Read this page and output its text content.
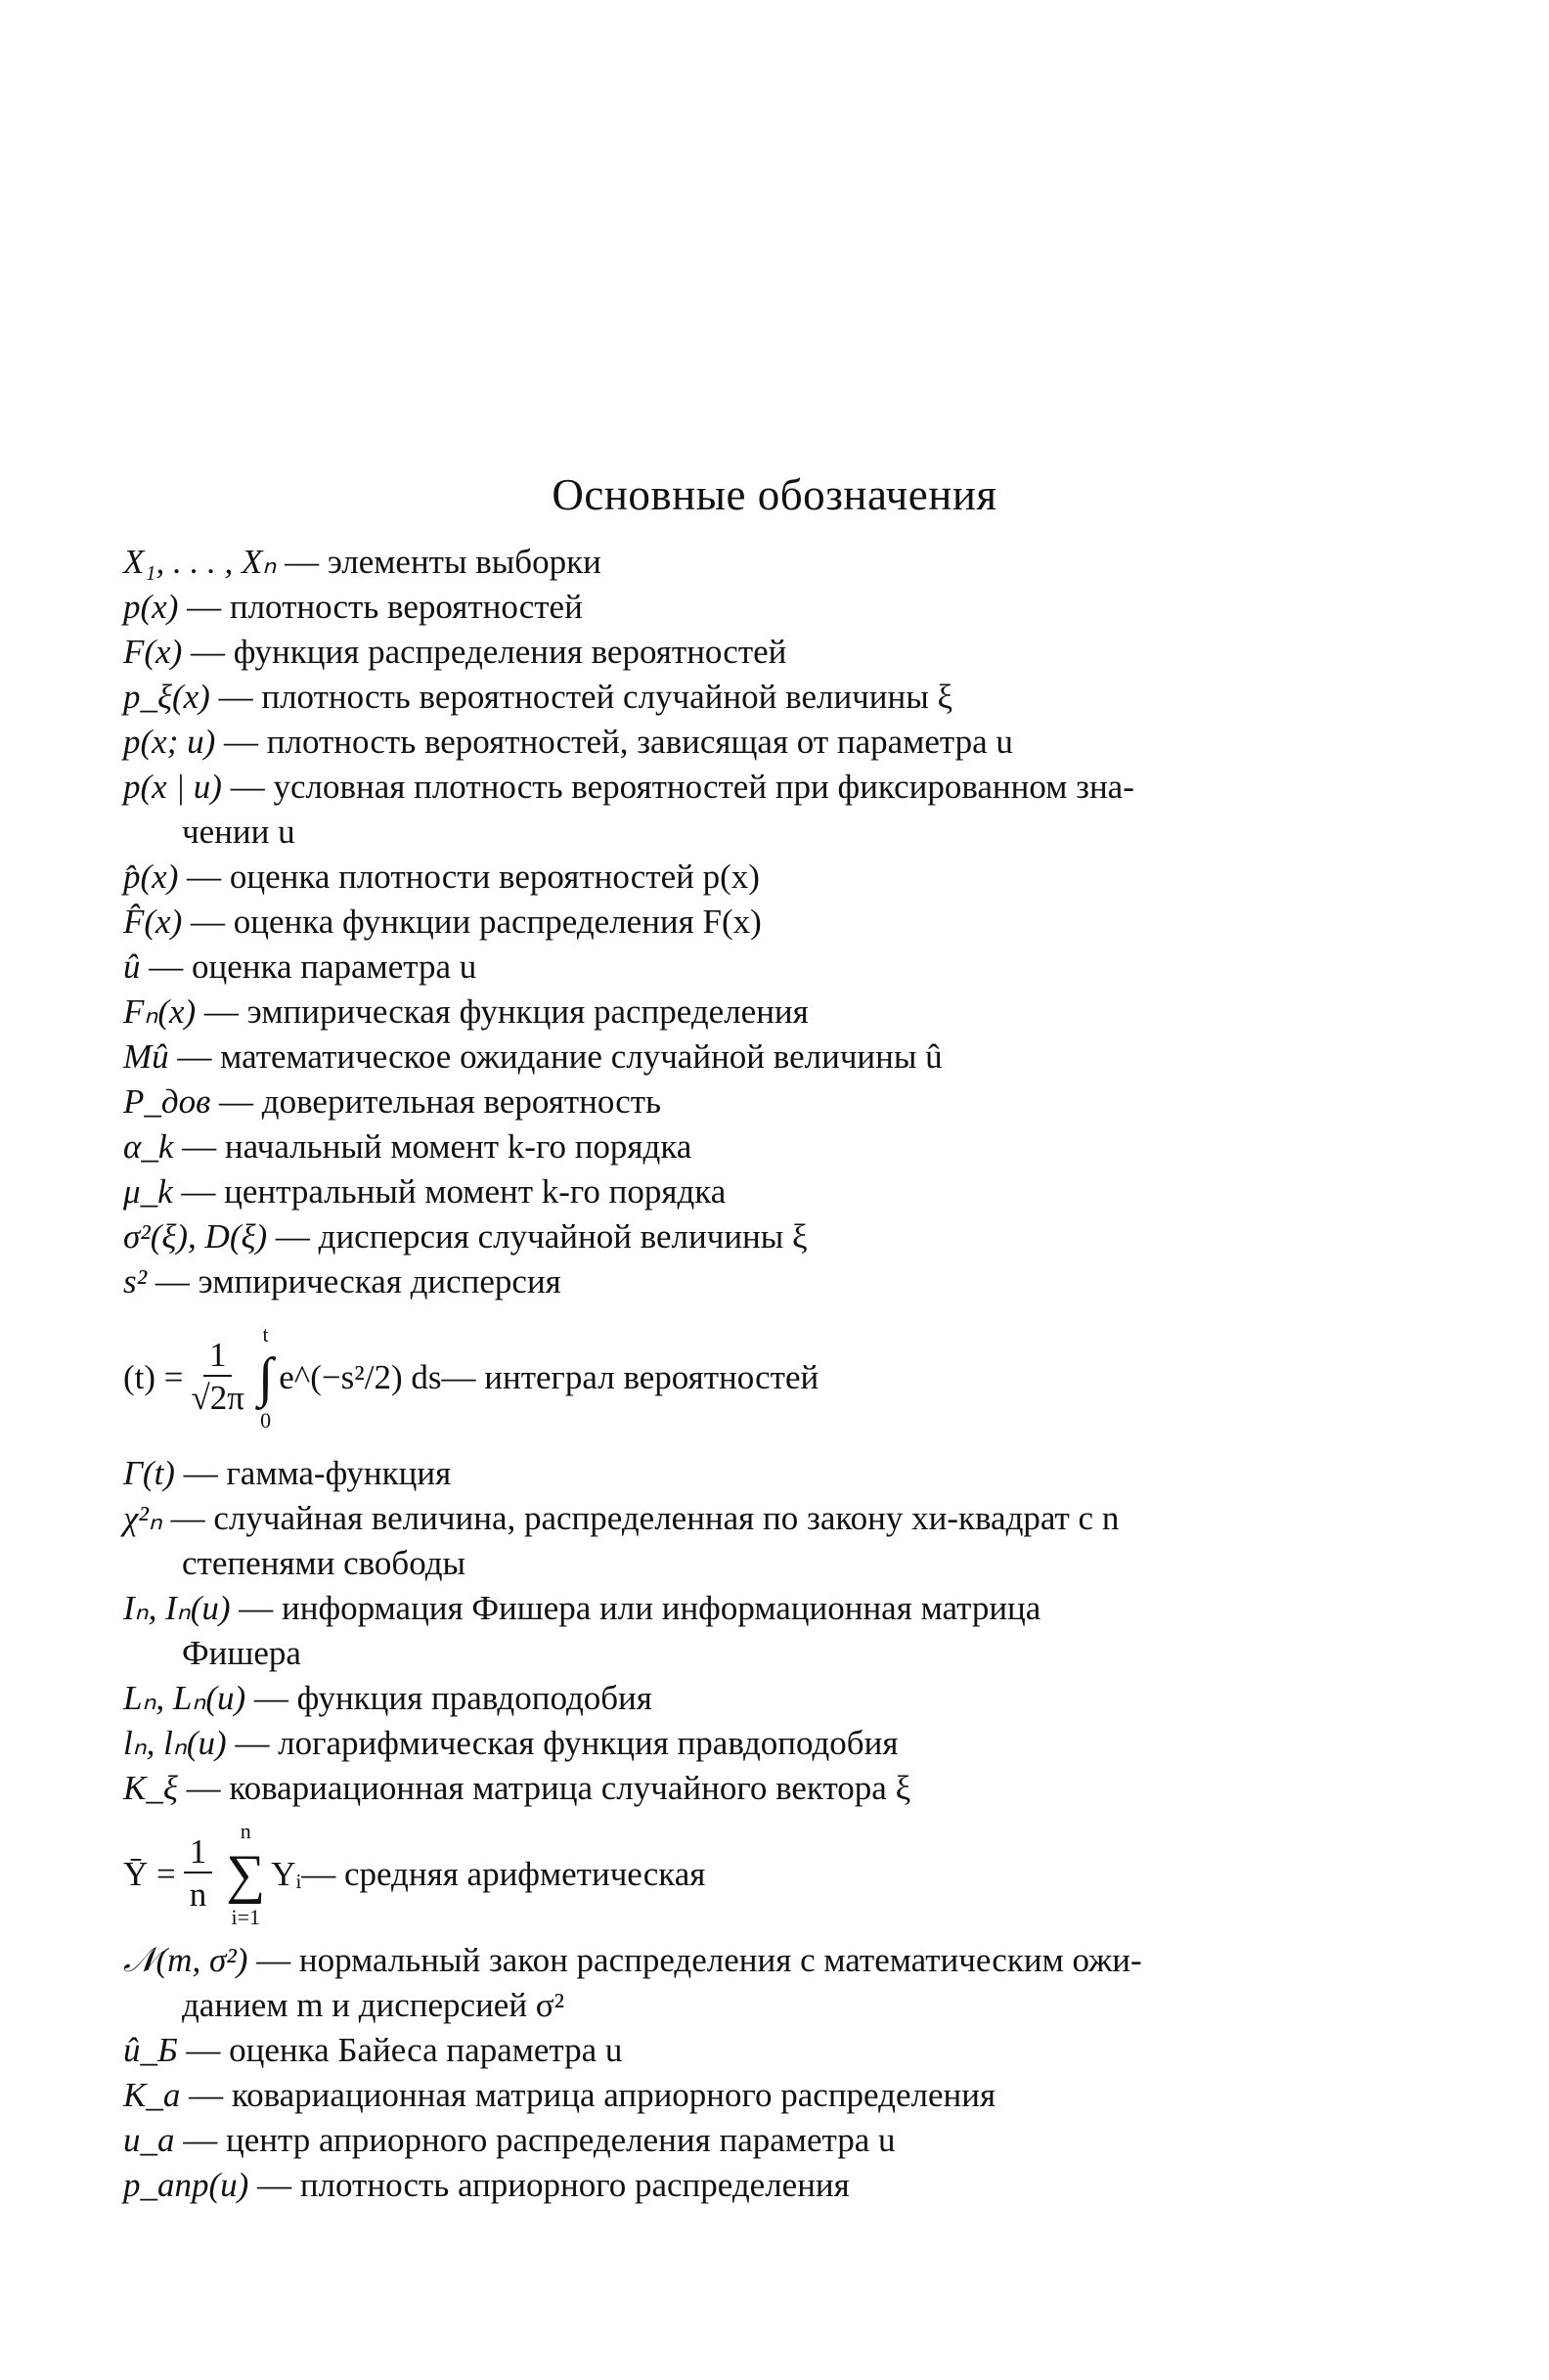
Основные обозначения

X₁, . . . , Xₙ — элементы выборки

p(x) — плотность вероятностей

F(x) — функция распределения вероятностей

p_ξ(x) — плотность вероятностей случайной величины ξ

p(x; u) — плотность вероятностей, зависящая от параметра u

p(x | u) — условная плотность вероятностей при фиксированном зна-
чении u

p̂(x) — оценка плотности вероятностей p(x)

F̂(x) — оценка функции распределения F(x)

û — оценка параметра u

Fₙ(x) — эмпирическая функция распределения

Mû — математическое ожидание случайной величины û

P_дов — доверительная вероятность

α_k — начальный момент k-го порядка

μ_k — центральный момент k-го порядка

σ²(ξ), D(ξ) — дисперсия случайной величины ξ

s² — эмпирическая дисперсия

$(t) = \frac{1}{√2\pi}$
t
∫
0
e^(−s²/2) ds — интеграл вероятностей

Γ(t) — гамма-функция

χ²ₙ — случайная величина, распределенная по закону хи-квадрат с n
степенями свободы

Iₙ, Iₙ(u) — информация Фишера или информационная матрица
Фишера

Lₙ, Lₙ(u) — функция правдоподобия

lₙ, lₙ(u) — логарифмическая функция правдоподобия

K_ξ — ковариационная матрица случайного вектора ξ

Ȳ = $\frac{1}{n}$
n
∑
i=1
Yᵢ — средняя арифметическая

𝒩(m, σ²) — нормальный закон распределения с математическим ожи-
данием m и дисперсией σ²

û_Б — оценка Байеса параметра u

K_a — ковариационная матрица априорного распределения

u_a — центр априорного распределения параметра u

p_апр(u) — плотность априорного распределения
